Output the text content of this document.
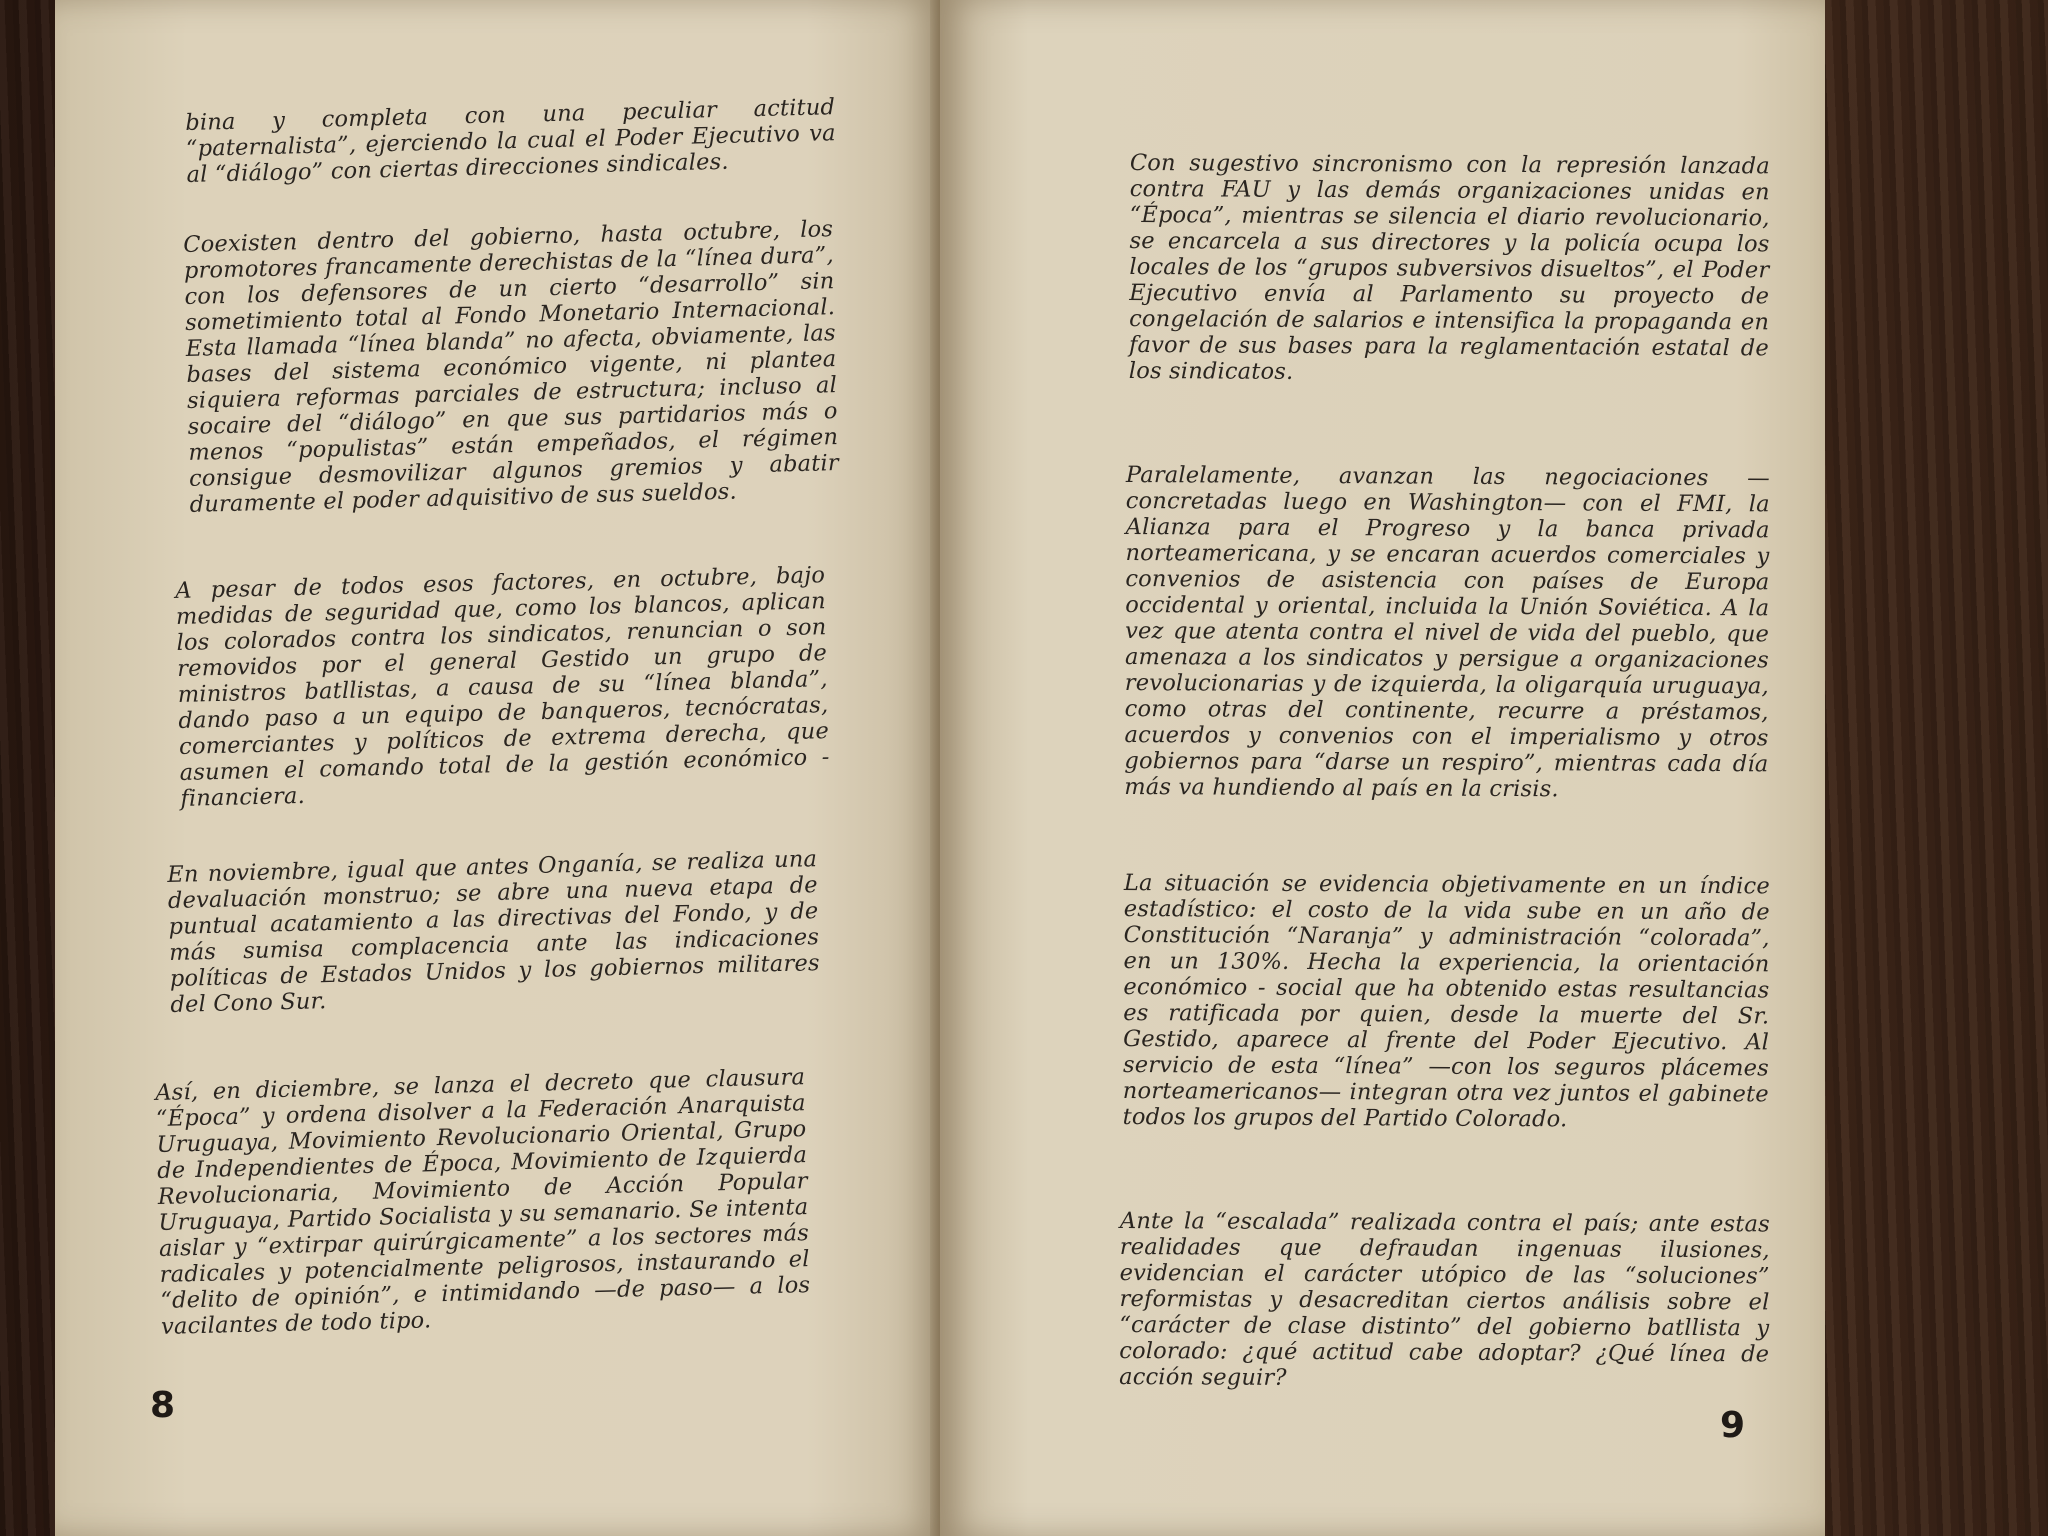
bina y completa con una peculiar actitud “paternalista”, ejerciendo la cual el Poder Ejecutivo va al “diálogo” con ciertas direcciones sindicales.

Coexisten dentro del gobierno, hasta octubre, los promotores francamente derechistas de la “línea dura”, con los defensores de un cierto “desarrollo” sin sometimiento total al Fondo Monetario Internacional. Esta llamada “línea blanda” no afecta, obviamente, las bases del sistema económico vigente, ni plantea siquiera reformas parciales de estructura; incluso al socaire del “diálogo” en que sus partidarios más o menos “populistas” están empeñados, el régimen consigue desmovilizar algunos gremios y abatir duramente el poder adquisitivo de sus sueldos.

A pesar de todos esos factores, en octubre, bajo medidas de seguridad que, como los blancos, aplican los colorados contra los sindicatos, renuncian o son removidos por el general Gestido un grupo de ministros batllistas, a causa de su “línea blanda”, dando paso a un equipo de banqueros, tecnócratas, comerciantes y políticos de extrema derecha, que asumen el comando total de la gestión económico - financiera.

En noviembre, igual que antes Onganía, se realiza una devaluación monstruo; se abre una nueva etapa de puntual acatamiento a las directivas del Fondo, y de más sumisa complacencia ante las indicaciones políticas de Estados Unidos y los gobiernos militares del Cono Sur.

Así, en diciembre, se lanza el decreto que clausura “Época” y ordena disolver a la Federación Anarquista Uruguaya, Movimiento Revolucionario Oriental, Grupo de Independientes de Época, Movimiento de Izquierda Revolucionaria, Movimiento de Acción Popular Uruguaya, Partido Socialista y su semanario. Se intenta aislar y “extirpar quirúrgicamente” a los sectores más radicales y potencialmente peligrosos, instaurando el “delito de opinión”, e intimidando —de paso— a los vacilantes de todo tipo.

8

Con sugestivo sincronismo con la represión lanzada contra FAU y las demás organizaciones unidas en “Época”, mientras se silencia el diario revolucionario, se encarcela a sus directores y la policía ocupa los locales de los “grupos subversivos disueltos”, el Poder Ejecutivo envía al Parlamento su proyecto de congelación de salarios e intensifica la propaganda en favor de sus bases para la reglamentación estatal de los sindicatos.

Paralelamente, avanzan las negociaciones —concretadas luego en Washington— con el FMI, la Alianza para el Progreso y la banca privada norteamericana, y se encaran acuerdos comerciales y convenios de asistencia con países de Europa occidental y oriental, incluida la Unión Soviética. A la vez que atenta contra el nivel de vida del pueblo, que amenaza a los sindicatos y persigue a organizaciones revolucionarias y de izquierda, la oligarquía uruguaya, como otras del continente, recurre a préstamos, acuerdos y convenios con el imperialismo y otros gobiernos para “darse un respiro”, mientras cada día más va hundiendo al país en la crisis.

La situación se evidencia objetivamente en un índice estadístico: el costo de la vida sube en un año de Constitución “Naranja” y administración “colorada”, en un 130%. Hecha la experiencia, la orientación económico - social que ha obtenido estas resultancias es ratificada por quien, desde la muerte del Sr. Gestido, aparece al frente del Poder Ejecutivo. Al servicio de esta “línea” —con los seguros plácemes norteamericanos— integran otra vez juntos el gabinete todos los grupos del Partido Colorado.

Ante la “escalada” realizada contra el país; ante estas realidades que defraudan ingenuas ilusiones, evidencian el carácter utópico de las “soluciones” reformistas y desacreditan ciertos análisis sobre el “carácter de clase distinto” del gobierno batllista y colorado: ¿qué actitud cabe adoptar? ¿Qué línea de acción seguir?

9
